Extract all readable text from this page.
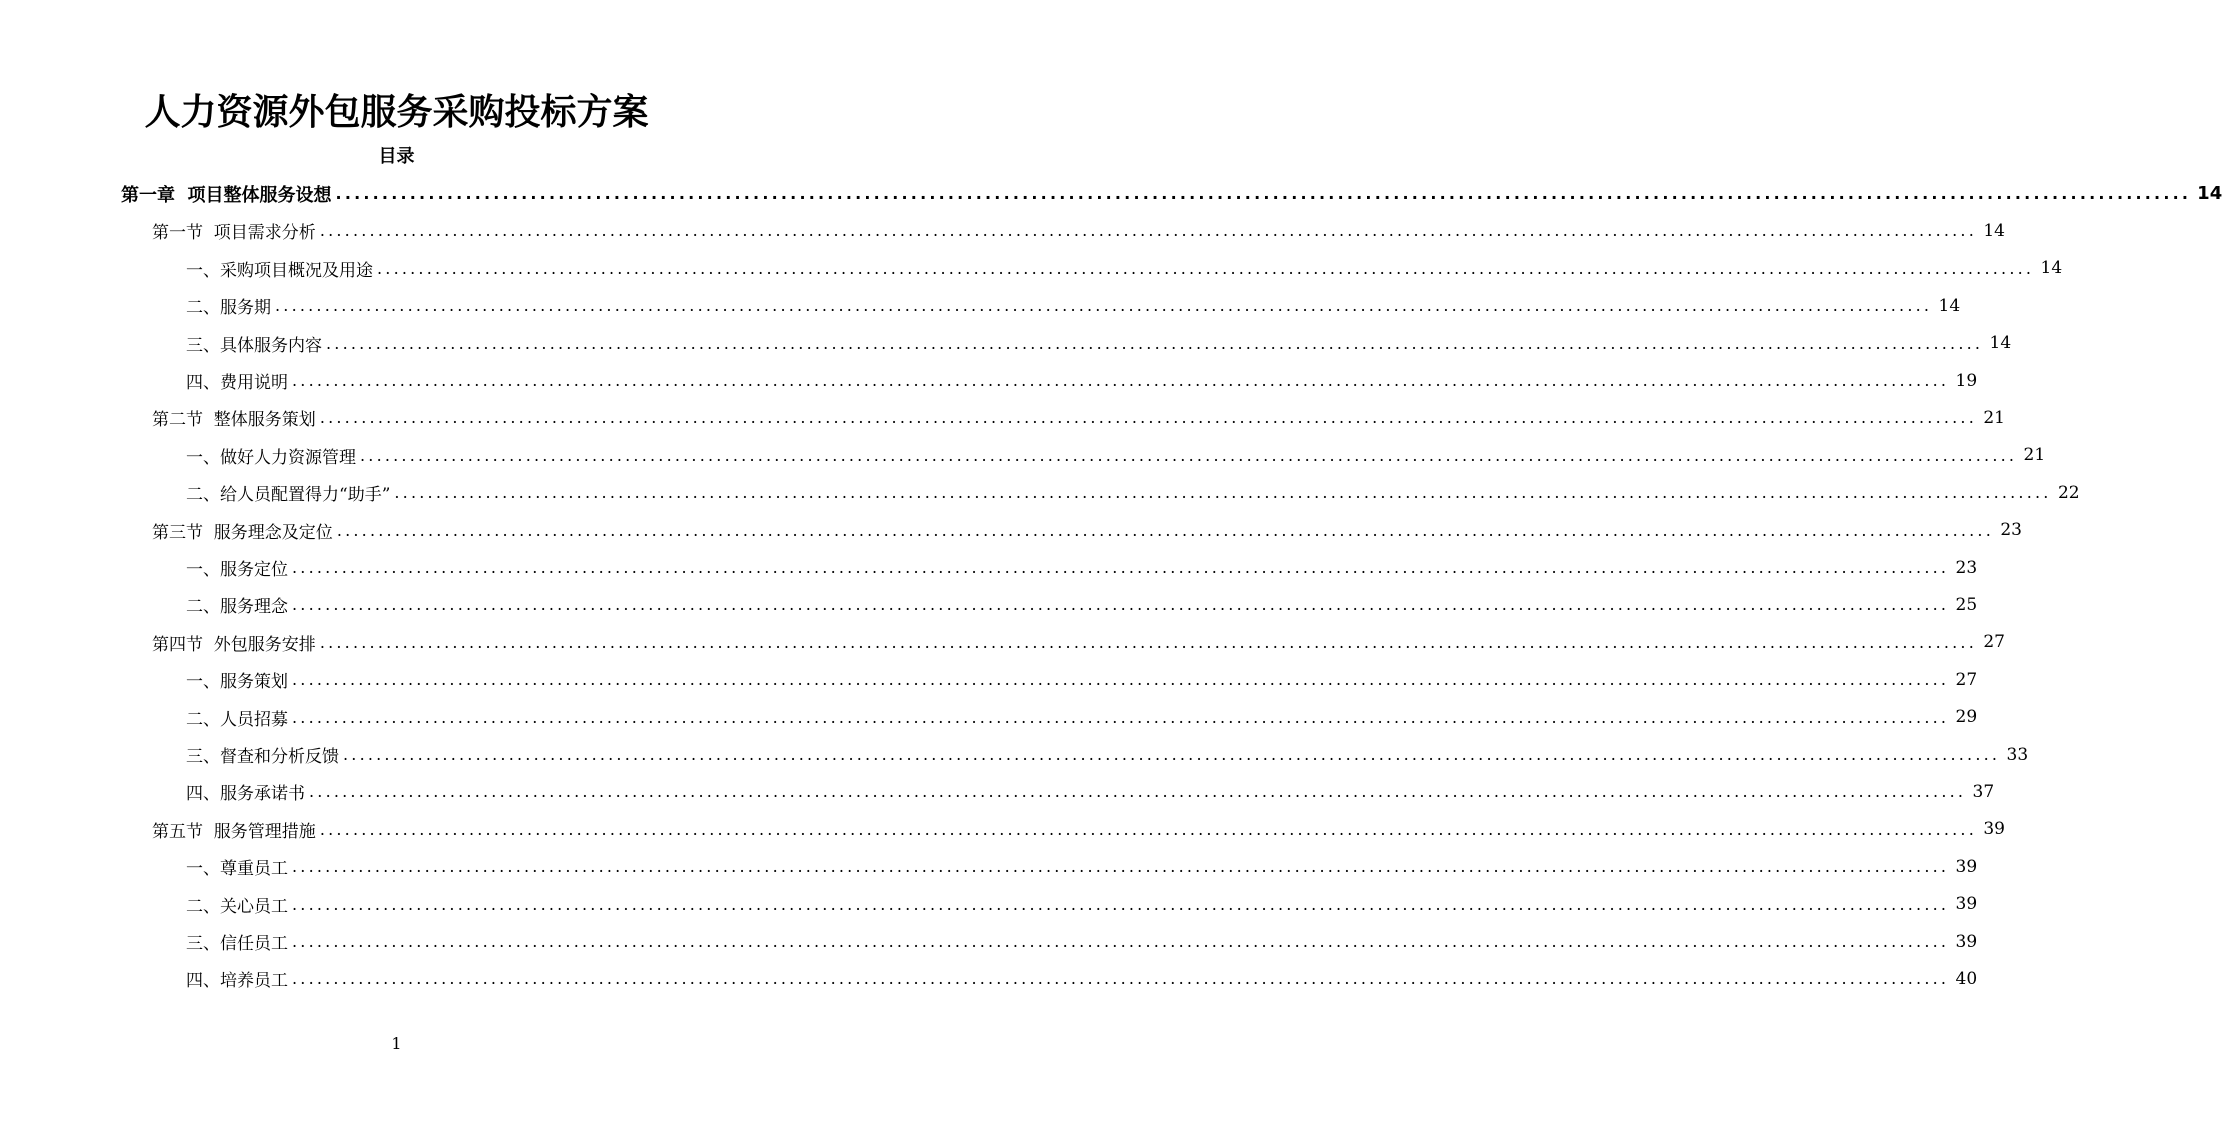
人力资源外包服务采购投标方案
目录
第一章  项目整体服务设想 ........................................................................................................................................................................................................ 14
第一节  项目需求分析 ........................................................................................................................................................................................................ 14
一、采购项目概况及用途 ........................................................................................................................................................................................................ 14
二、服务期 ........................................................................................................................................................................................................ 14
三、具体服务内容 ........................................................................................................................................................................................................ 14
四、费用说明 ........................................................................................................................................................................................................ 19
第二节  整体服务策划 ........................................................................................................................................................................................................ 21
一、做好人力资源管理 ........................................................................................................................................................................................................ 21
二、给人员配置得力“助手” ........................................................................................................................................................................................................ 22
第三节  服务理念及定位 ........................................................................................................................................................................................................ 23
一、服务定位 ........................................................................................................................................................................................................ 23
二、服务理念 ........................................................................................................................................................................................................ 25
第四节  外包服务安排 ........................................................................................................................................................................................................ 27
一、服务策划 ........................................................................................................................................................................................................ 27
二、人员招募 ........................................................................................................................................................................................................ 29
三、督查和分析反馈 ........................................................................................................................................................................................................ 33
四、服务承诺书 ........................................................................................................................................................................................................ 37
第五节  服务管理措施 ........................................................................................................................................................................................................ 39
一、尊重员工 ........................................................................................................................................................................................................ 39
二、关心员工 ........................................................................................................................................................................................................ 39
三、信任员工 ........................................................................................................................................................................................................ 39
四、培养员工 ........................................................................................................................................................................................................ 40
1
